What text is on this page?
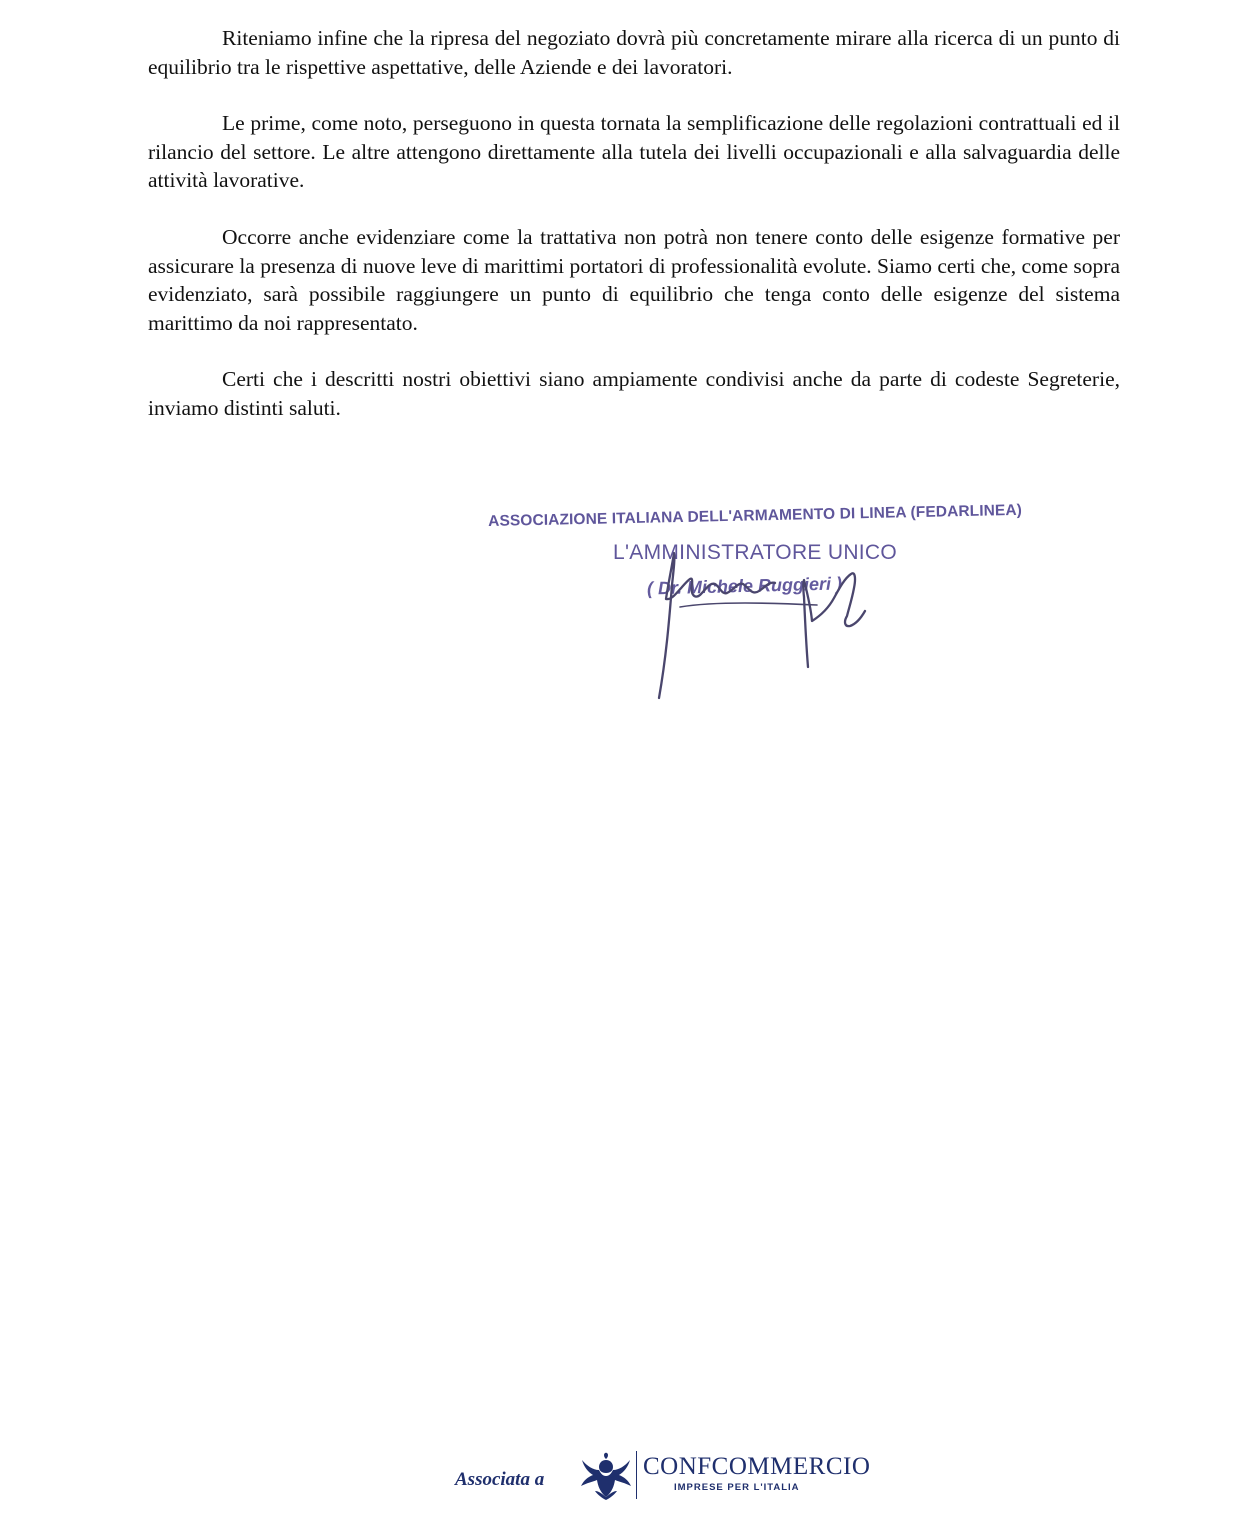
Riteniamo infine che la ripresa del negoziato dovrà più concretamente mirare alla ricerca di un punto di equilibrio tra le rispettive aspettative, delle Aziende e dei lavoratori.

Le prime, come noto, perseguono in questa tornata la semplificazione delle regolazioni contrattuali ed il rilancio del settore. Le altre attengono direttamente alla tutela dei livelli occupazionali e alla salvaguardia delle attività lavorative.

Occorre anche evidenziare come la trattativa non potrà non tenere conto delle esigenze formative per assicurare la presenza di nuove leve di marittimi portatori di professionalità evolute. Siamo certi che, come sopra evidenziato, sarà possibile raggiungere un punto di equilibrio che tenga conto delle esigenze del sistema marittimo da noi rappresentato.

Certi che i descritti nostri obiettivi siano ampiamente condivisi anche da parte di codeste Segreterie, inviamo distinti saluti.

ASSOCIAZIONE ITALIANA DELL'ARMAMENTO DI LINEA (FEDARLINEA)
L'AMMINISTRATORE UNICO
( Dr. Michele Ruggieri )
Associata a	CONFCOMMERCIO
IMPRESE PER L'ITALIA
